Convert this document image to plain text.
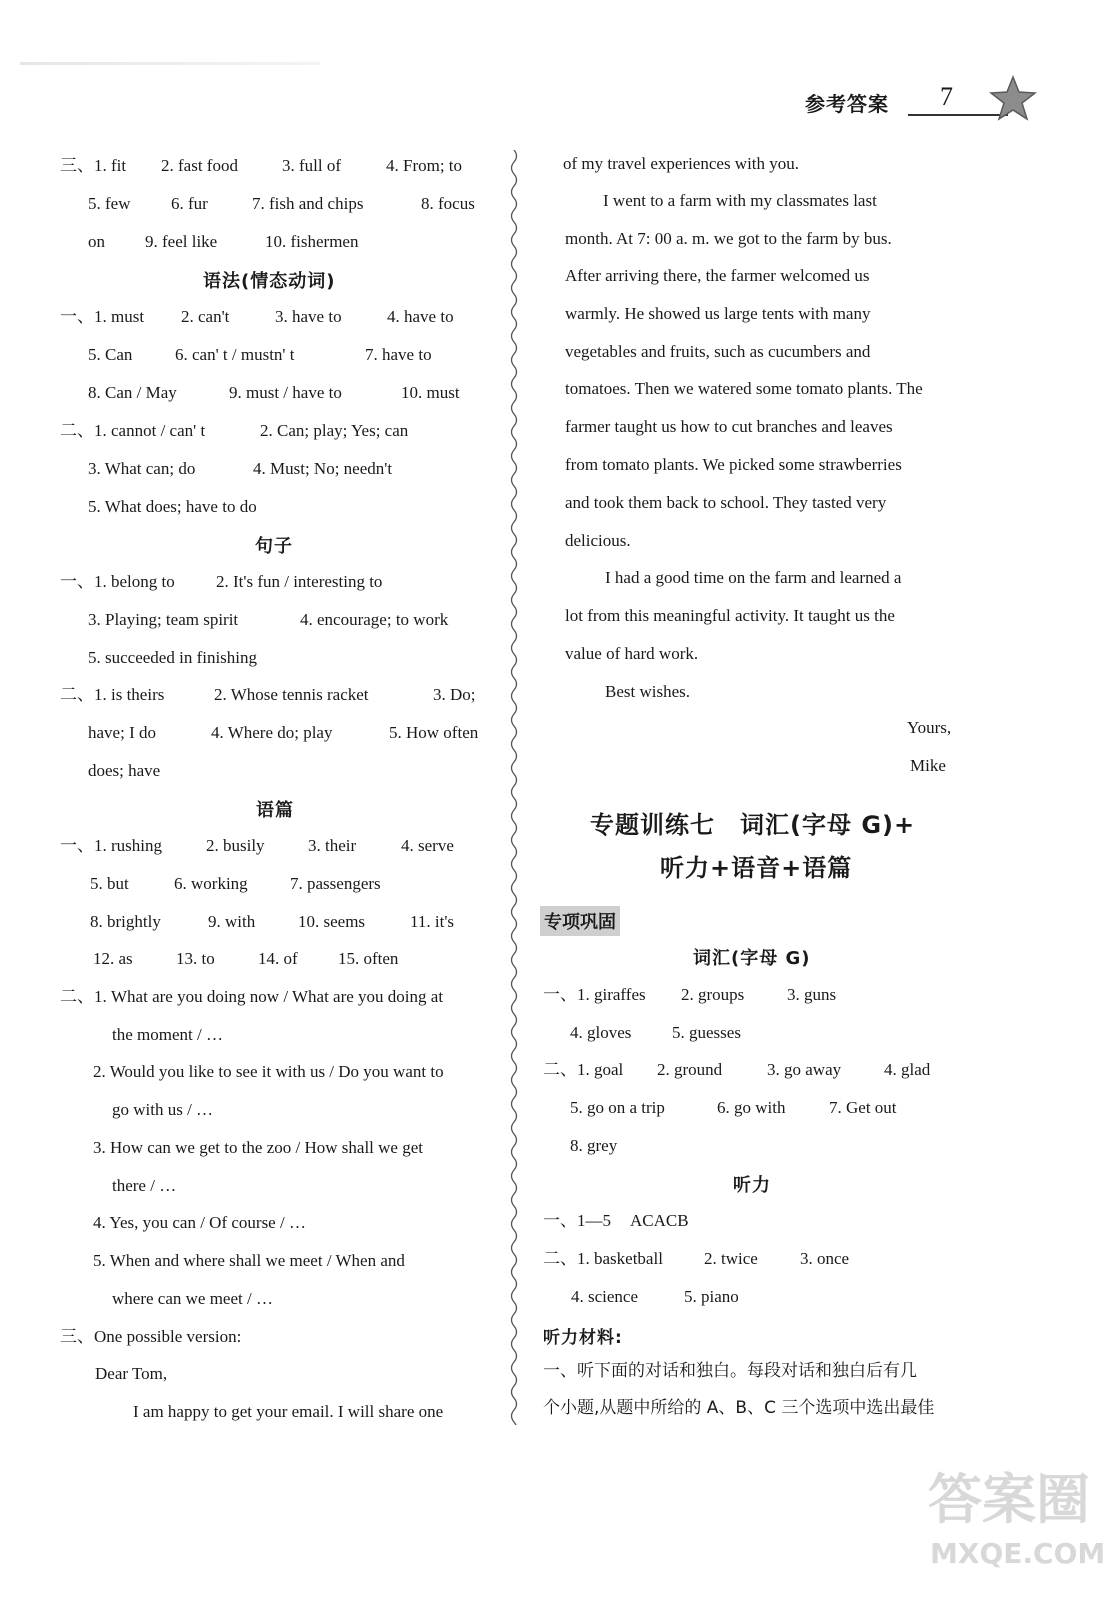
参考答案 7
三、1. fit 2. fast food	3. full of	4. From; to
5. few 6. fur	7. fish and chips	8. focus
on 9. feel like	10. fishermen
语法(情态动词)
一、1. must 2. can't	3. have to	4. have to
5. Can	6. can' t / mustn' t	7. have to
8. Can / May	9. must / have to	10. must
二、1. cannot / can' t	2. Can; play; Yes; can
3. What can; do	4. Must; No; needn't
5. What does; have to do
句子
一、1. belong to 2. It's fun / interesting to
3. Playing; team spirit	4. encourage; to work
5. succeeded in finishing
二、1. is theirs	2. Whose tennis racket	3. Do;
have; I do	4. Where do; play	5. How often
does; have
语篇
一、1. rushing	2. busily	3. their	4. serve
5. but	6. working 7. passengers
8. brightly	9. with	10. seems	11. it's
12. as	13. to	14. of 15. often
二、1. What are you doing now / What are you doing at
the moment / …
2. Would you like to see it with us / Do you want to
go with us / …
3. How can we get to the zoo / How shall we get
there / …
4. Yes, you can / Of course / …
5. When and where shall we meet / When and
where can we meet / …
三、One possible version:
Dear Tom,
I am happy to get your email. I will share one
of my travel experiences with you.
I went to a farm with my classmates last
month. At 7: 00 a. m. we got to the farm by bus.
After arriving there, the farmer welcomed us
warmly. He showed us large tents with many
vegetables and fruits, such as cucumbers and
tomatoes. Then we watered some tomato plants. The
farmer taught us how to cut branches and leaves
from tomato plants. We picked some strawberries
and took them back to school. They tasted very
delicious.
I had a good time on the farm and learned a
lot from this meaningful activity. It taught us the
value of hard work.
Best wishes.
Yours,
Mike
专题训练七　词汇(字母 G)+
听力+语音+语篇
专项巩固
词汇(字母 G)
一、1. giraffes 2. groups	3. guns
4. gloves 5. guesses
二、1. goal 2. ground	3. go away	4. glad
5. go on a trip	6. go with	7. Get out
8. grey
听力
一、1—5 ACACB
二、1. basketball 2. twice 3. once
4. science	5. piano
听力材料:
一、听下面的对话和独白。每段对话和独白后有几
个小题,从题中所给的 A、B、C 三个选项中选出最佳
答案圈
MXQE.COM
